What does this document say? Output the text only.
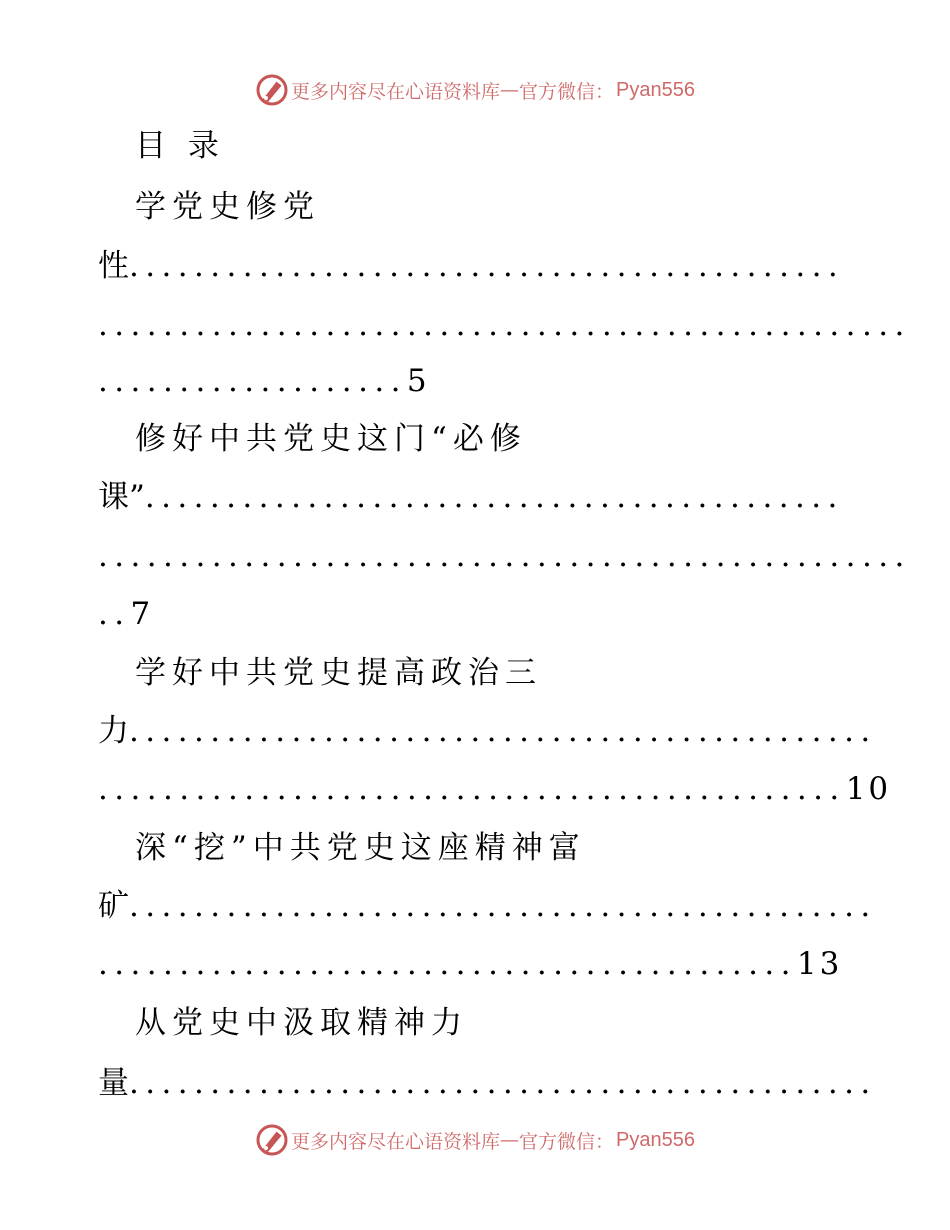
更多内容尽在心语资料库 — 官方微信： Pyan556
目 录
学党史修党
性............................................
..................................................
...................5
修好中共党史这门“必修
课”...........................................
..................................................
..7
学好中共党史提高政治三
力..............................................
..............................................10
深“挖”中共党史这座精神富
矿..............................................
...........................................13
从党史中汲取精神力
量..............................................
更多内容尽在心语资料库 — 官方微信： Pyan556
